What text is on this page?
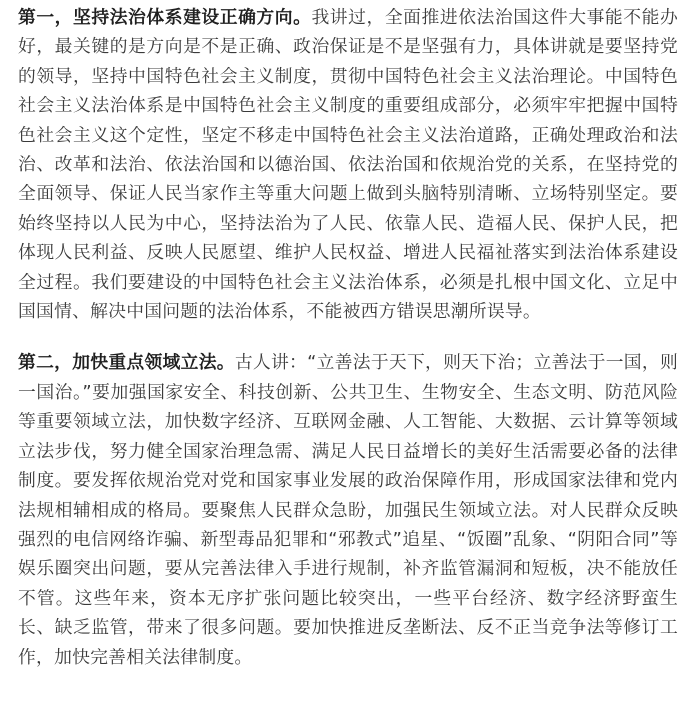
第一，坚持法治体系建设正确方向。我讲过，全面推进依法治国这件大事能不能办好，最关键的是方向是不是正确、政治保证是不是坚强有力，具体讲就是要坚持党的领导，坚持中国特色社会主义制度，贯彻中国特色社会主义法治理论。中国特色社会主义法治体系是中国特色社会主义制度的重要组成部分，必须牢牢把握中国特色社会主义这个定性，坚定不移走中国特色社会主义法治道路，正确处理政治和法治、改革和法治、依法治国和以德治国、依法治国和依规治党的关系，在坚持党的全面领导、保证人民当家作主等重大问题上做到头脑特别清晰、立场特别坚定。要始终坚持以人民为中心，坚持法治为了人民、依靠人民、造福人民、保护人民，把体现人民利益、反映人民愿望、维护人民权益、增进人民福祉落实到法治体系建设全过程。我们要建设的中国特色社会主义法治体系，必须是扎根中国文化、立足中国国情、解决中国问题的法治体系，不能被西方错误思潮所误导。

第二，加快重点领域立法。古人讲：“立善法于天下，则天下治；立善法于一国，则一国治。”要加强国家安全、科技创新、公共卫生、生物安全、生态文明、防范风险等重要领域立法，加快数字经济、互联网金融、人工智能、大数据、云计算等领域立法步伐，努力健全国家治理急需、满足人民日益增长的美好生活需要必备的法律制度。要发挥依规治党对党和国家事业发展的政治保障作用，形成国家法律和党内法规相辅相成的格局。要聚焦人民群众急盼，加强民生领域立法。对人民群众反映强烈的电信网络诈骗、新型毒品犯罪和“邪教式”追星、“饭圈”乱象、“阴阳合同”等娱乐圈突出问题，要从完善法律入手进行规制，补齐监管漏洞和短板，决不能放任不管。这些年来，资本无序扩张问题比较突出，一些平台经济、数字经济野蛮生长、缺乏监管，带来了很多问题。要加快推进反垄断法、反不正当竞争法等修订工作，加快完善相关法律制度。
